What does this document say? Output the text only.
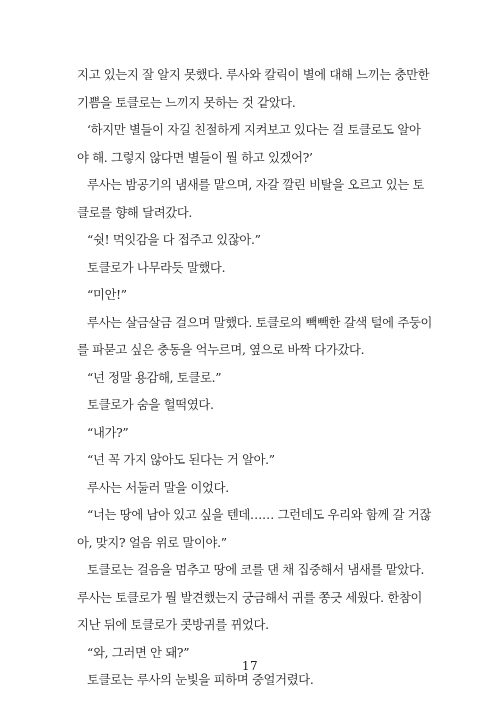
지고 있는지 잘 알지 못했다. 루사와 칼릭이 별에 대해 느끼는 충만한
기쁨을 토클로는 느끼지 못하는 것 같았다.
‘하지만 별들이 자길 친절하게 지켜보고 있다는 걸 토클로도 알아
야 해. 그렇지 않다면 별들이 뭘 하고 있겠어?’
루사는 밤공기의 냄새를 맡으며, 자갈 깔린 비탈을 오르고 있는 토
클로를 향해 달려갔다.
“쉿! 먹잇감을 다 접주고 있잖아.”
토클로가 나무라듯 말했다.
“미안!”
루사는 살금살금 걸으며 말했다. 토클로의 빽빽한 갈색 털에 주둥이
를 파묻고 싶은 충동을 억누르며, 옆으로 바짝 다가갔다.
“넌 정말 용감해, 토클로.”
토클로가 숨을 헐떡였다.
“내가?”
“넌 꼭 가지 않아도 된다는 거 알아.”
루사는 서둘러 말을 이었다.
“너는 땅에 남아 있고 싶을 텐데…… 그런데도 우리와 함께 갈 거잖
아, 맞지? 얼음 위로 말이야.”
토클로는 걸음을 멈추고 땅에 코를 댄 채 집중해서 냄새를 맡았다.
루사는 토클로가 뭘 발견했는지 궁금해서 귀를 쫑긋 세웠다. 한참이
지난 뒤에 토클로가 콧방귀를 뀌었다.
“와, 그러면 안 돼?”
토클로는 루사의 눈빛을 피하며 중얼거렸다.
17
